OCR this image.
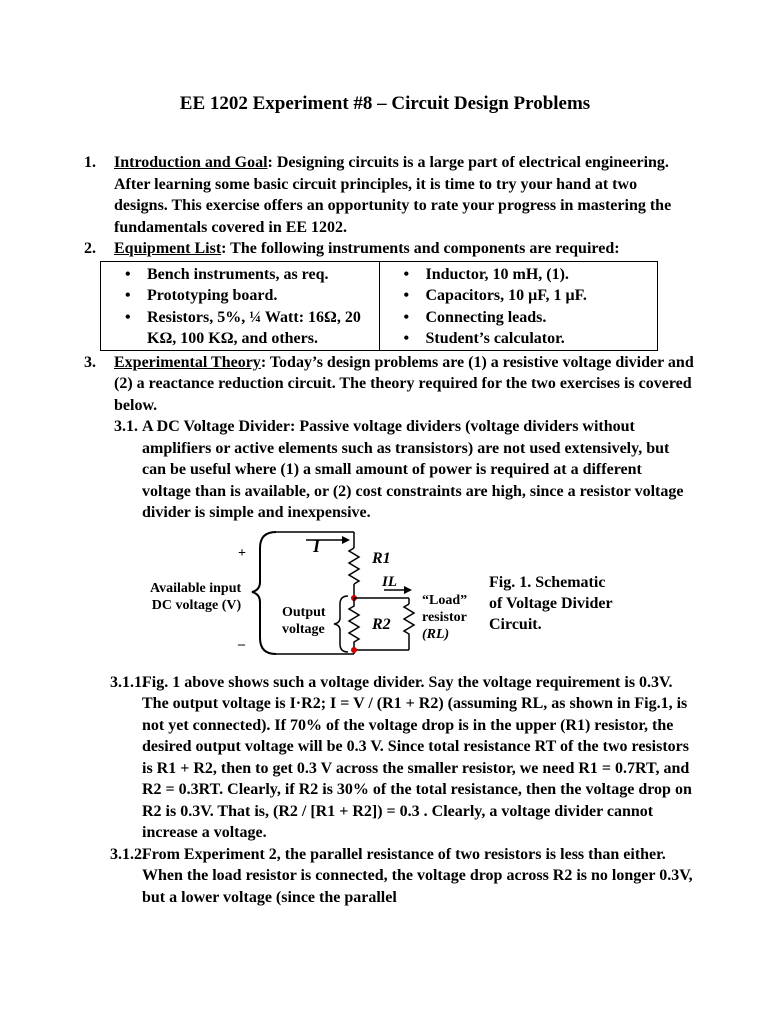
EE 1202 Experiment #8 – Circuit Design Problems
1. Introduction and Goal: Designing circuits is a large part of electrical engineering. After learning some basic circuit principles, it is time to try your hand at two designs. This exercise offers an opportunity to rate your progress in mastering the fundamentals covered in EE 1202.
2. Equipment List: The following instruments and components are required:
• Bench instruments, as req.
• Prototyping board.
• Resistors, 5%, ¼ Watt: 16Ω, 20 KΩ, 100 KΩ, and others.

• Inductor, 10 mH, (1).
• Capacitors, 10 μF, 1 μF.
• Connecting leads.
• Student’s calculator.
3. Experimental Theory: Today’s design problems are (1) a resistive voltage divider and (2) a reactance reduction circuit. The theory required for the two exercises is covered below.
3.1. A DC Voltage Divider: Passive voltage dividers (voltage dividers without amplifiers or active elements such as transistors) are not used extensively, but can be useful where (1) a small amount of power is required at a different voltage than is available, or (2) cost constraints are high, since a resistor voltage divider is simple and inexpensive.
+
–
Available input
DC voltage (V)	Output
voltage
I
R1
IL
R2
“Load”
resistor
(RL)
Fig. 1. Schematic
of Voltage Divider
Circuit.
3.1.1.
Fig. 1 above shows such a voltage divider. Say the voltage requirement is 0.3V. The output voltage is I·R2; I = V / (R1 + R2) (assuming RL, as shown in Fig.1, is not yet connected). If 70% of the voltage drop is in the upper (R1) resistor, the desired output voltage will be 0.3 V. Since total resistance RT of the two resistors is R1 + R2, then to get 0.3 V across the smaller resistor, we need R1 = 0.7RT, and R2 = 0.3RT. Clearly, if R2 is 30% of the total resistance, then the voltage drop on R2 is 0.3V. That is, (R2 / [R1 + R2]) = 0.3 . Clearly, a voltage divider cannot increase a voltage.
3.1.2.
From Experiment 2, the parallel resistance of two resistors is less than either. When the load resistor is connected, the voltage drop across R2 is no longer 0.3V, but a lower voltage (since the parallel
